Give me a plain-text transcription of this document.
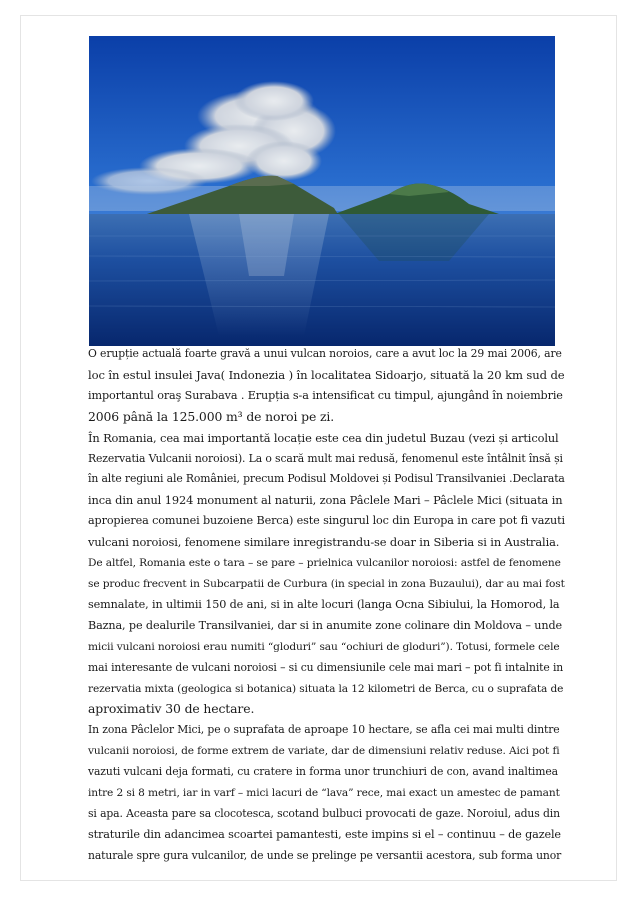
O erupție actuală foarte gravă a unui vulcan noroios, care a avut loc la 29 mai 2006, are

loc în estul insulei Java( Indonezia ) în localitatea Sidoarjo, situată la 20 km sud de

importantul oraş Surabava . Erupția s-a intensificat cu timpul, ajungând în noiembrie

2006 până la 125.000 m³ de noroi pe zi.

În Romania, cea mai importantă locație este cea din judetul Buzau (vezi și articolul

Rezervatia Vulcanii noroiosi). La o scară mult mai redusă, fenomenul este întâlnit însă și

în alte regiuni ale României, precum Podisul Moldovei și Podisul Transilvaniei .Declarata

inca din anul 1924 monument al naturii, zona Pâclele Mari – Pâclele Mici (situata in

apropierea comunei buzoiene Berca) este singurul loc din Europa in care pot fi vazuti

vulcani noroiosi, fenomene similare inregistrandu-se doar in Siberia si in Australia.

De altfel, Romania este o tara – se pare – prielnica vulcanilor noroiosi: astfel de fenomene

se produc frecvent in Subcarpatii de Curbura (in special in zona Buzaului), dar au mai fost

semnalate, in ultimii 150 de ani, si in alte locuri (langa Ocna Sibiului, la Homorod, la

Bazna, pe dealurile Transilvaniei, dar si in anumite zone colinare din Moldova – unde

micii vulcani noroiosi erau numiti “gloduri” sau “ochiuri de gloduri”). Totusi, formele cele

mai interesante de vulcani noroiosi – si cu dimensiunile cele mai mari – pot fi intalnite in

rezervatia mixta (geologica si botanica) situata la 12 kilometri de Berca, cu o suprafata de

aproximativ 30 de hectare.

In zona Pâclelor Mici, pe o suprafata de aproape 10 hectare, se afla cei mai multi dintre

vulcanii noroiosi, de forme extrem de variate, dar de dimensiuni relativ reduse. Aici pot fi

vazuti vulcani deja formati, cu cratere in forma unor trunchiuri de con, avand inaltimea

intre 2 si 8 metri, iar in varf – mici lacuri de “lava” rece, mai exact un amestec de pamant

si apa. Aceasta pare sa clocotesca, scotand bulbuci provocati de gaze. Noroiul, adus din

straturile din adancimea scoartei pamantesti, este impins si el – continuu – de gazele

naturale spre gura vulcanilor, de unde se prelinge pe versantii acestora, sub forma unor
